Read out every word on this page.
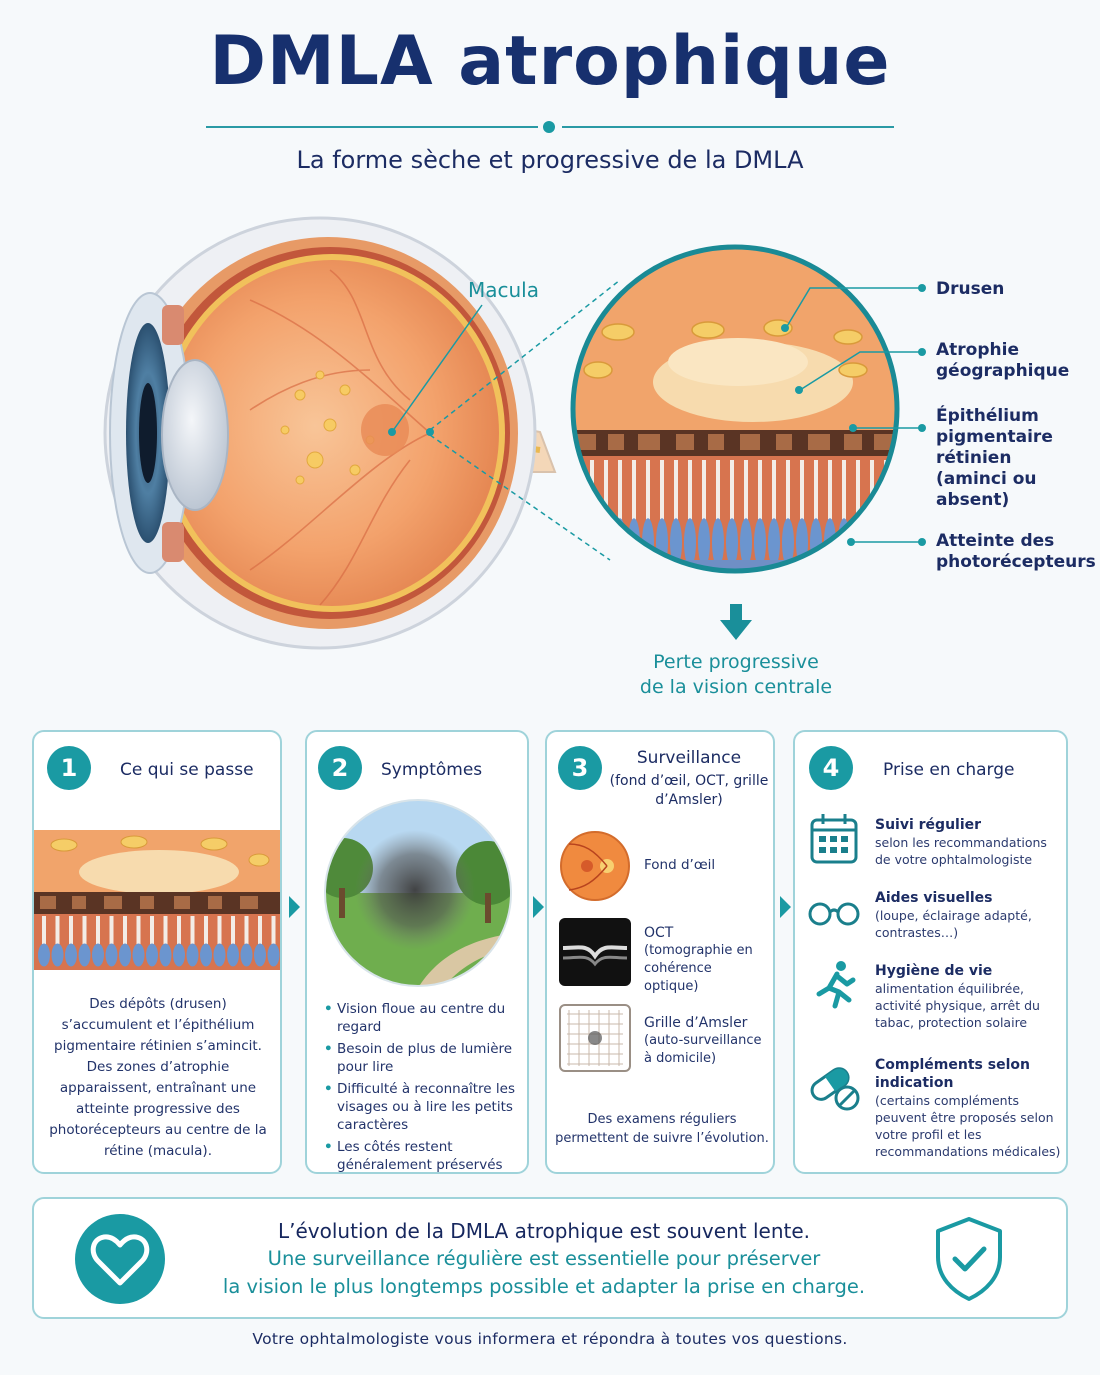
DMLA atrophique
La forme sèche et progressive de la DMLA
Macula	Drusen
Atrophie géographique
Épithélium pigmentaire rétinien (aminci ou absent)
Atteinte des photorécepteurs
Perte progressive
de la vision centrale
1	Ce qui se passe
Des dépôts (drusen) s’accumulent et l’épithélium pigmentaire rétinien s’amincit. Des zones d’atrophie apparaissent, entraînant une atteinte progressive des photorécepteurs au centre de la rétine (macula).
2	Symptômes
• Vision floue au centre du regard
• Besoin de plus de lumière pour lire
• Difficulté à reconnaître les visages ou à lire les petits caractères
• Les côtés restent généralement préservés
3	Surveillance
(fond d’œil, OCT, grille d’Amsler)
Fond d’œil
OCT
(tomographie en cohérence optique)
Grille d’Amsler
(auto-surveillance à domicile)
Des examens réguliers permettent de suivre l’évolution.
4	Prise en charge
Suivi régulier
selon les recommandations de votre ophtalmologiste
Aides visuelles
(loupe, éclairage adapté, contrastes…)
Hygiène de vie
alimentation équilibrée, activité physique, arrêt du tabac, protection solaire
Compléments selon indication
(certains compléments peuvent être proposés selon votre profil et les recommandations médicales)
L’évolution de la DMLA atrophique est souvent lente.
Une surveillance régulière est essentielle pour préserver
la vision le plus longtemps possible et adapter la prise en charge.
Votre ophtalmologiste vous informera et répondra à toutes vos questions.
